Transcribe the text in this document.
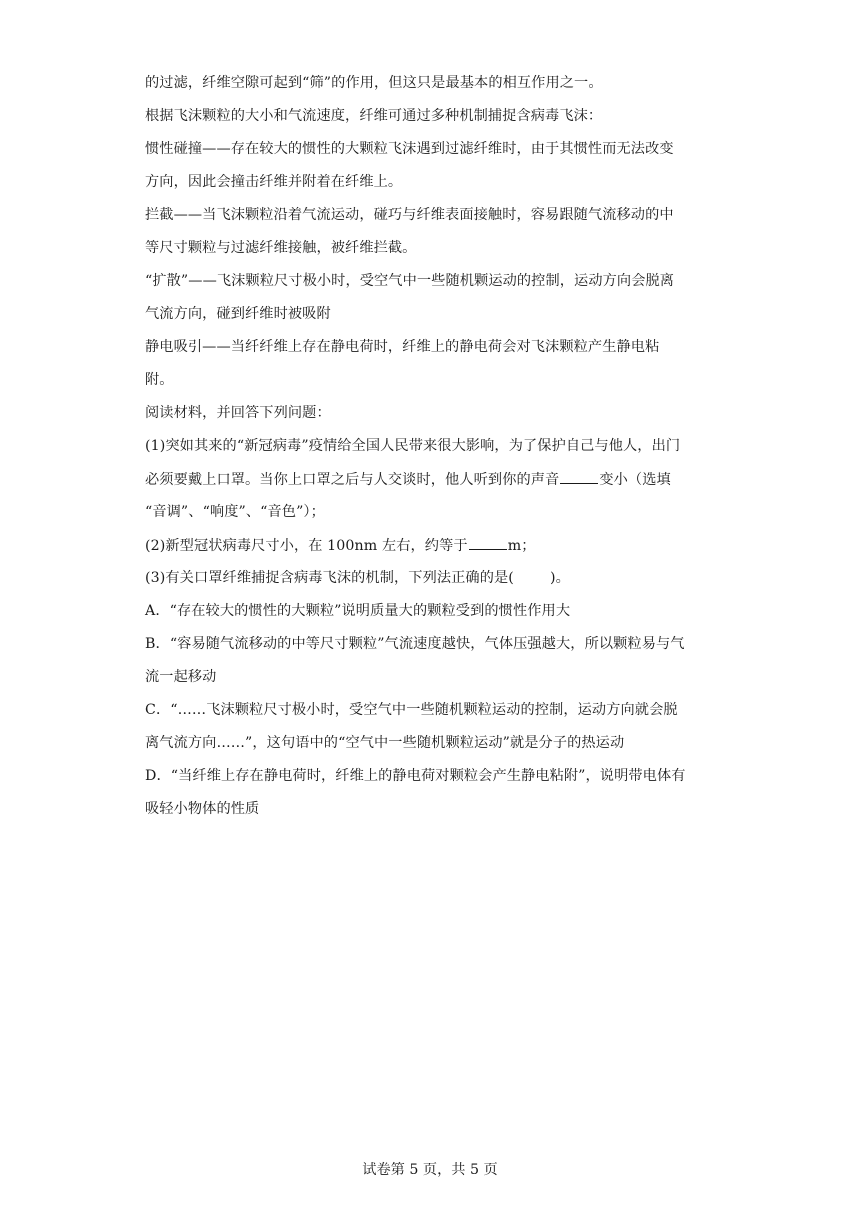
的过滤，纤维空隙可起到“筛”的作用，但这只是最基本的相互作用之一。
根据飞沫颗粒的大小和气流速度，纤维可通过多种机制捕捉含病毒飞沫：
惯性碰撞——存在较大的惯性的大颗粒飞沫遇到过滤纤维时，由于其惯性而无法改变
方向，因此会撞击纤维并附着在纤维上。
拦截——当飞沫颗粒沿着气流运动，碰巧与纤维表面接触时，容易跟随气流移动的中
等尺寸颗粒与过滤纤维接触，被纤维拦截。
“扩散”——飞沫颗粒尺寸极小时，受空气中一些随机颗运动的控制，运动方向会脱离
气流方向，碰到纤维时被吸附
静电吸引——当纤纤维上存在静电荷时，纤维上的静电荷会对飞沫颗粒产生静电粘
附。
阅读材料，并回答下列问题：
(1)突如其来的“新冠病毒”疫情给全国人民带来很大影响，为了保护自己与他人，出门
必须要戴上口罩。当你上口罩之后与人交谈时，他人听到你的声音	变小（选填
“音调”、“响度”、“音色”）；
(2)新型冠状病毒尺寸小，在 100nm 左右，约等于	m；
(3)有关口罩纤维捕捉含病毒飞沫的机制，下列法正确的是(	)。
A．“存在较大的惯性的大颗粒”说明质量大的颗粒受到的惯性作用大
B．“容易随气流移动的中等尺寸颗粒”气流速度越快，气体压强越大，所以颗粒易与气
流一起移动
C．“……飞沫颗粒尺寸极小时，受空气中一些随机颗粒运动的控制，运动方向就会脱
离气流方向……”，这句语中的“空气中一些随机颗粒运动”就是分子的热运动
D．“当纤维上存在静电荷时，纤维上的静电荷对颗粒会产生静电粘附”，说明带电体有
吸轻小物体的性质
试卷第 5 页，共 5 页
